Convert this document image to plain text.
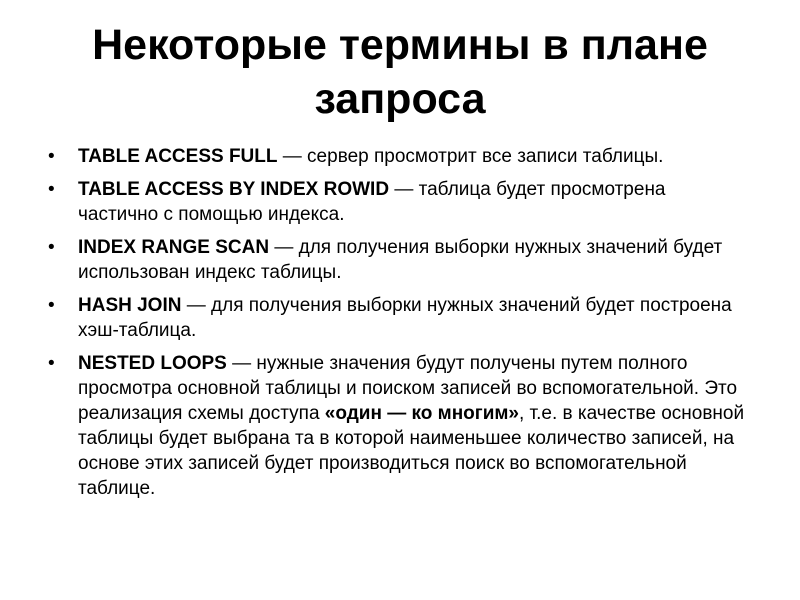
Некоторые термины в плане запроса
• TABLE ACCESS FULL — сервер просмотрит все записи таблицы.
• TABLE ACCESS BY INDEX ROWID — таблица будет просмотрена частично с помощью индекса.
• INDEX RANGE SCAN — для получения выборки нужных значений будет использован индекс таблицы.
• HASH JOIN — для получения выборки нужных значений будет построена хэш-таблица.
• NESTED LOOPS — нужные значения будут получены путем полного просмотра основной таблицы и поиском записей во вспомогательной. Это реализация схемы доступа «один — ко многим», т.е. в качестве основной таблицы будет выбрана та в которой наименьшее количество записей, на основе этих записей будет производиться поиск во вспомогательной таблице.
